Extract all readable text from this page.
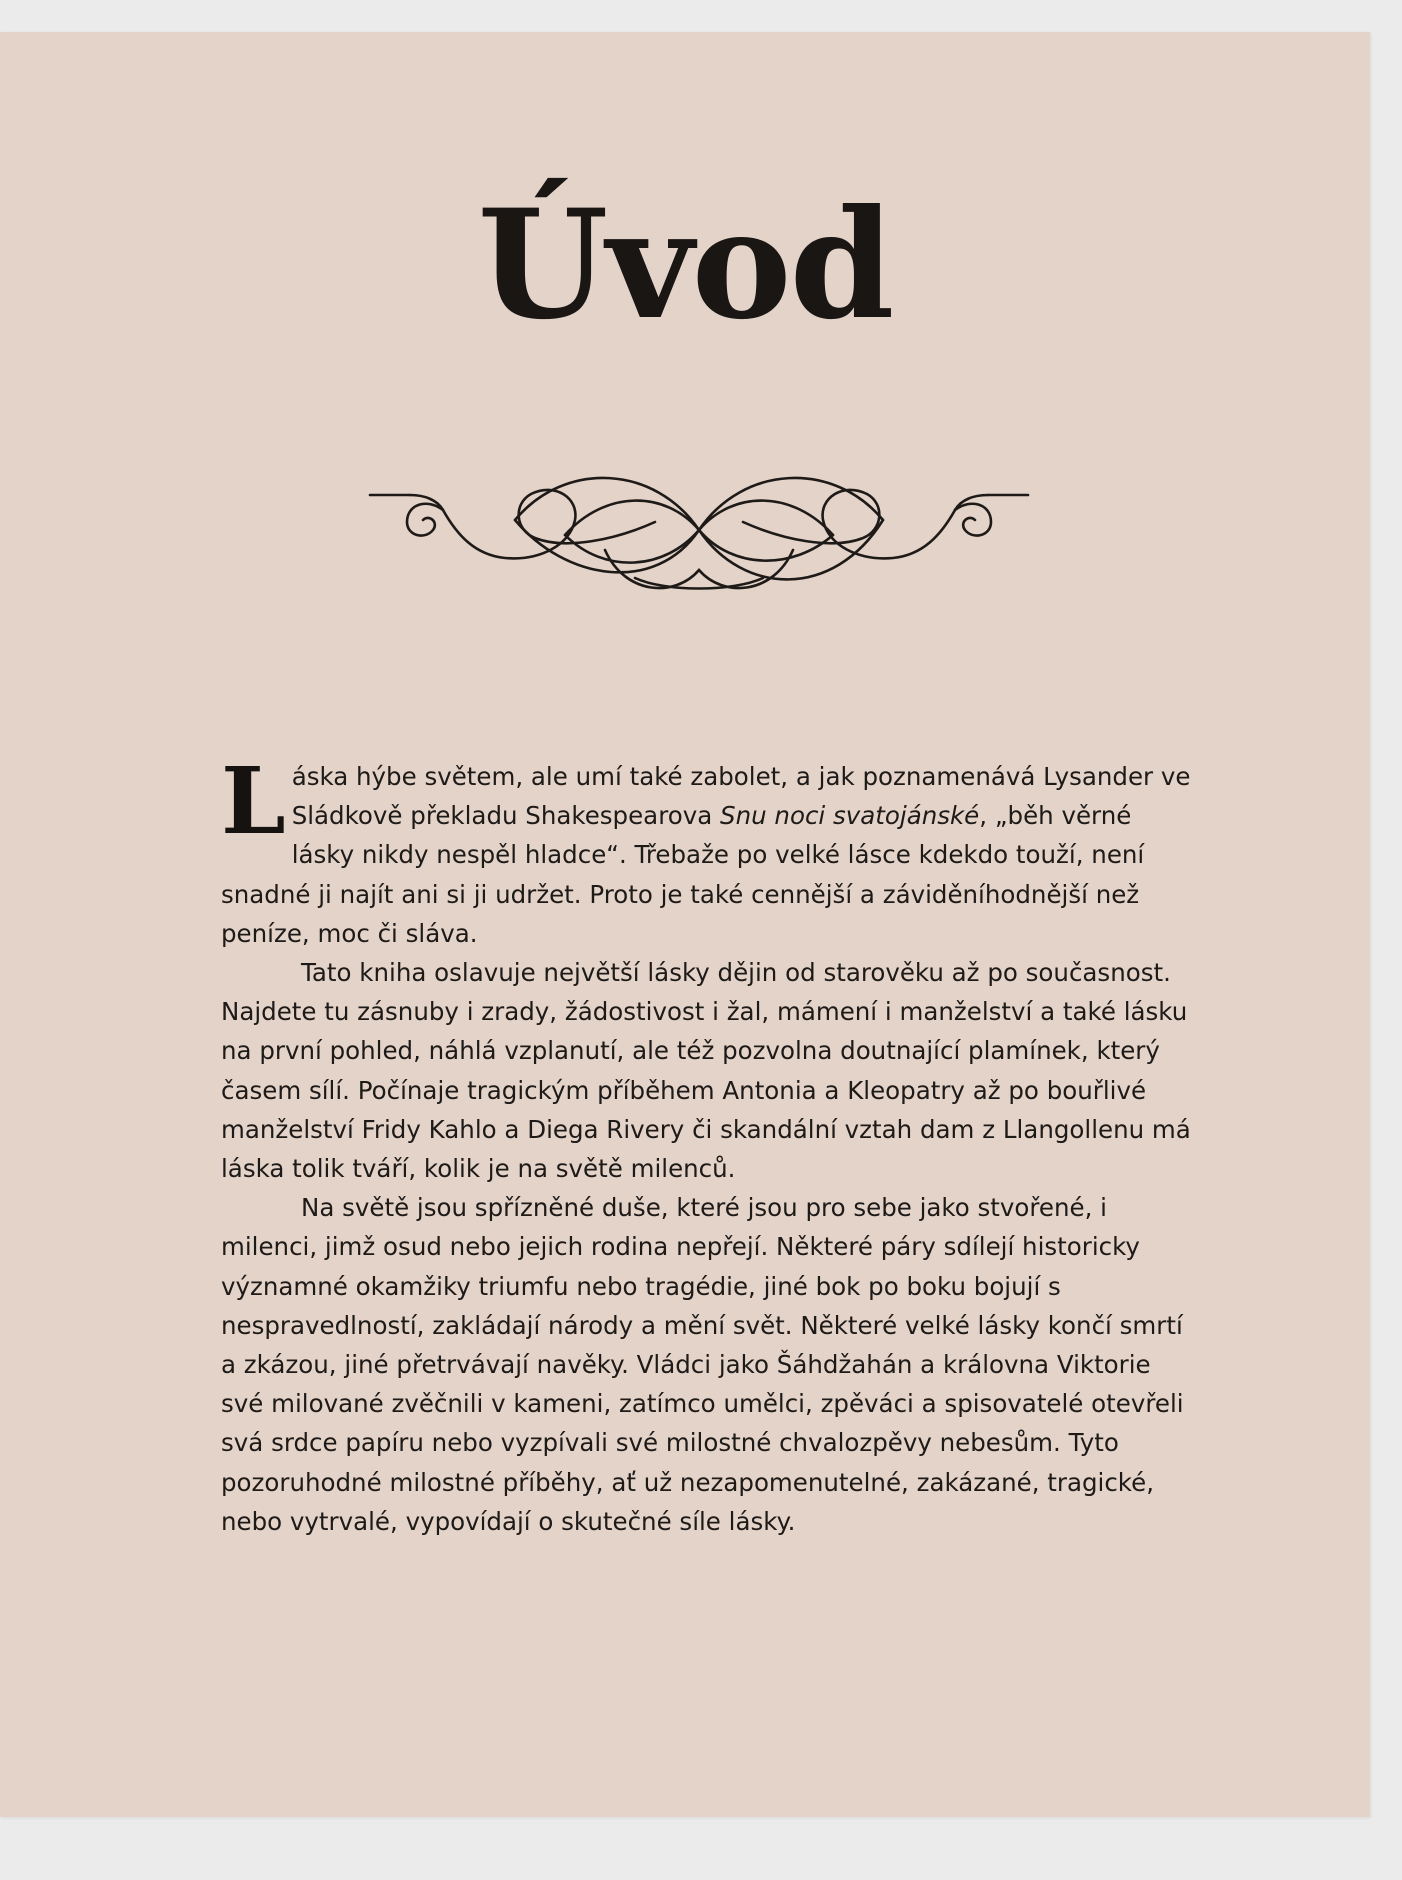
Úvod

Láska hýbe světem, ale umí také zabolet, a jak poznamenává Lysander ve Sládkově překladu Shakespearova Snu noci svatojánské, „běh věrné lásky nikdy nespěl hladce“. Třebaže po velké lásce kdekdo touží, není snadné ji najít ani si ji udržet. Proto je také cennější a záviděníhodnější než peníze, moc či sláva.

Tato kniha oslavuje největší lásky dějin od starověku až po současnost. Najdete tu zásnuby i zrady, žádostivost i žal, mámení i manželství a také lásku na první pohled, náhlá vzplanutí, ale též pozvolna doutnající plamínek, který časem sílí. Počínaje tragickým příběhem Antonia a Kleopatry až po bouřlivé manželství Fridy Kahlo a Diega Rivery či skandální vztah dam z Llangollenu má láska tolik tváří, kolik je na světě milenců.

Na světě jsou spřízněné duše, které jsou pro sebe jako stvořené, i milenci, jimž osud nebo jejich rodina nepřejí. Některé páry sdílejí historicky významné okamžiky triumfu nebo tragédie, jiné bok po boku bojují s nespravedlností, zakládají národy a mění svět. Některé velké lásky končí smrtí a zkázou, jiné přetrvávají navěky. Vládci jako Šáhdžahán a královna Viktorie své milované zvěčnili v kameni, zatímco umělci, zpěváci a spisovatelé otevřeli svá srdce papíru nebo vyzpívali své milostné chvalozpěvy nebesům. Tyto pozoruhodné milostné příběhy, ať už nezapomenutelné, zakázané, tragické, nebo vytrvalé, vypovídají o skutečné síle lásky.
